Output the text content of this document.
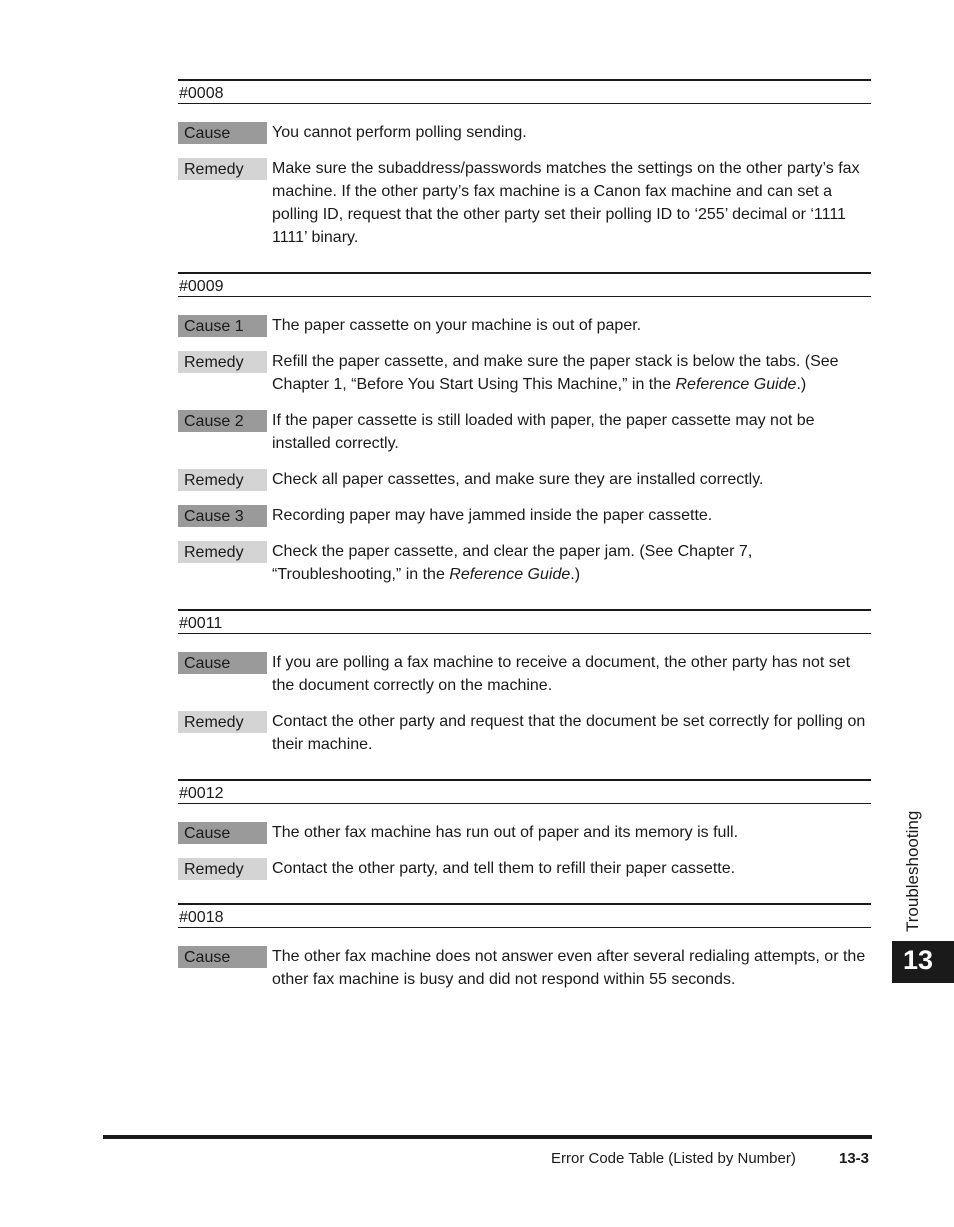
#0008
Cause	You cannot perform polling sending.
Remedy	Make sure the subaddress/passwords matches the settings on the other party’s fax machine. If the other party’s fax machine is a Canon fax machine and can set a polling ID, request that the other party set their polling ID to ‘255’ decimal or ‘1111 1111’ binary.
#0009
Cause 1	The paper cassette on your machine is out of paper.
Remedy	Refill the paper cassette, and make sure the paper stack is below the tabs. (See Chapter 1, “Before You Start Using This Machine,” in the Reference Guide.)
Cause 2	If the paper cassette is still loaded with paper, the paper cassette may not be installed correctly.
Remedy	Check all paper cassettes, and make sure they are installed correctly.
Cause 3	Recording paper may have jammed inside the paper cassette.
Remedy	Check the paper cassette, and clear the paper jam. (See Chapter 7, “Troubleshooting,” in the Reference Guide.)
#0011
Cause	If you are polling a fax machine to receive a document, the other party has not set the document correctly on the machine.
Remedy	Contact the other party and request that the document be set correctly for polling on their machine.
#0012
Cause	The other fax machine has run out of paper and its memory is full.
Remedy	Contact the other party, and tell them to refill their paper cassette.
#0018
Cause	The other fax machine does not answer even after several redialing attempts, or the other fax machine is busy and did not respond within 55 seconds.
Troubleshooting
13
Error Code Table (Listed by Number)	13-3
